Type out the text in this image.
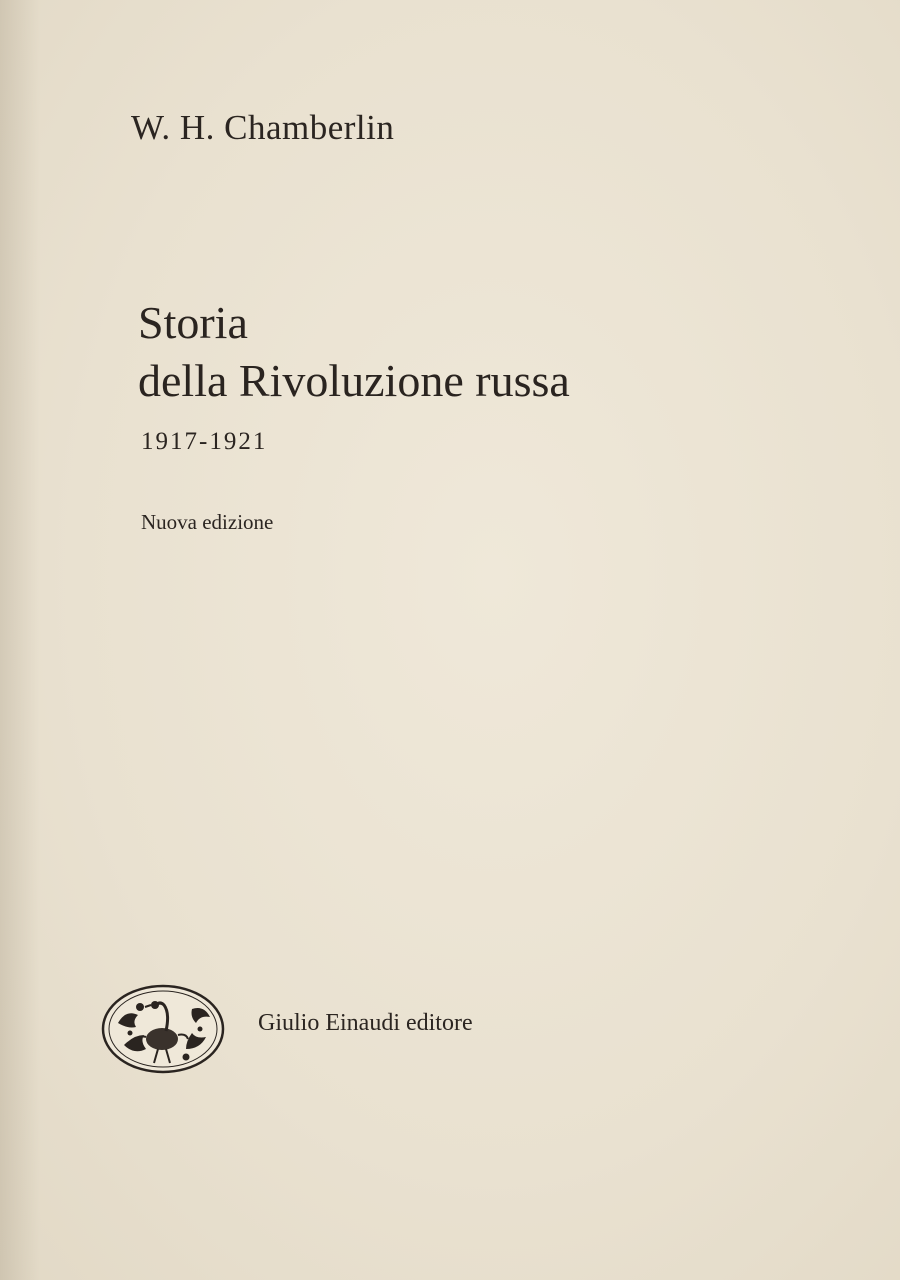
W. H. Chamberlin
Storia
della Rivoluzione russa
1917-1921
Nuova edizione
Giulio Einaudi editore
